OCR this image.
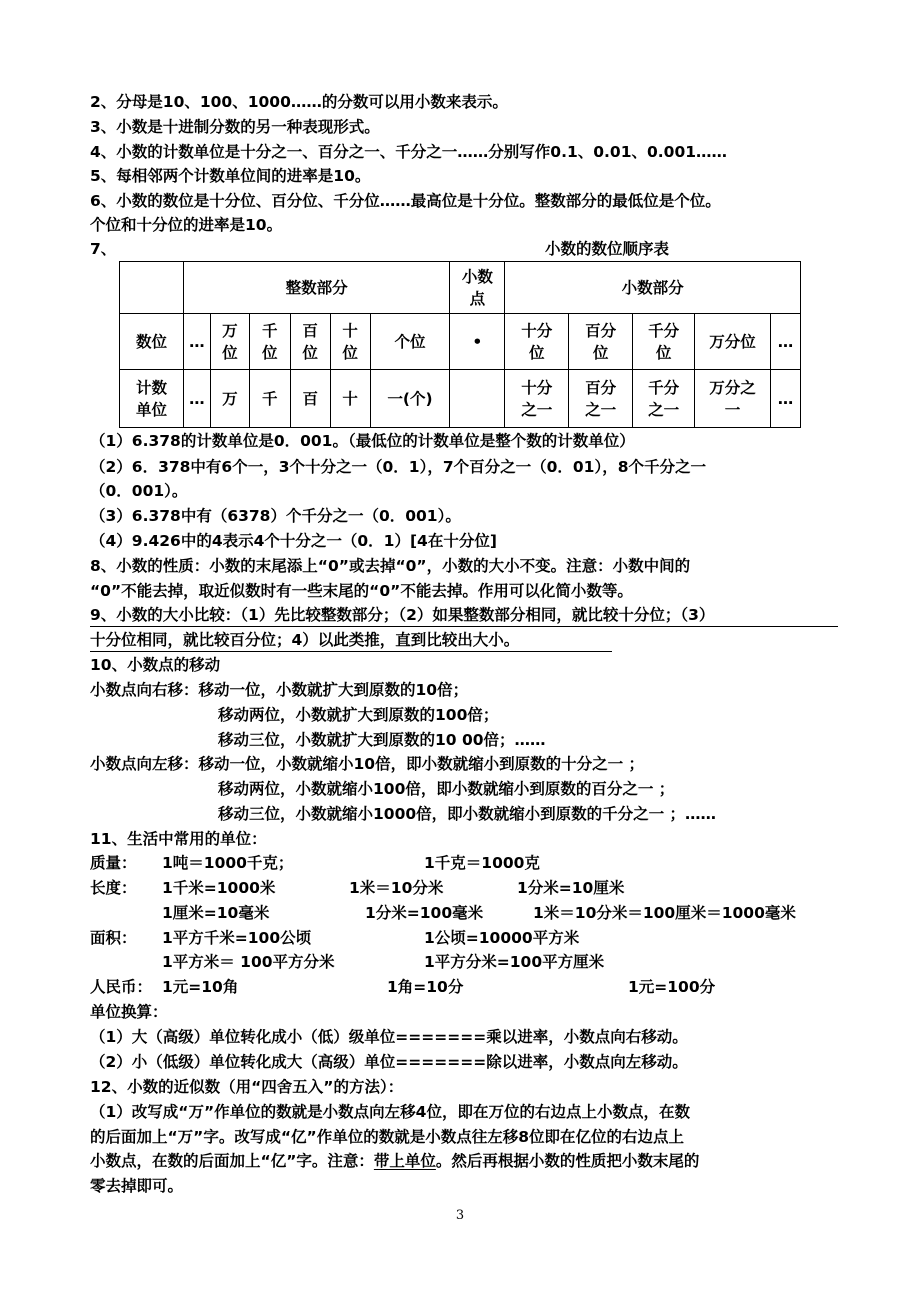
2、分母是10、100、1000……的分数可以用小数来表示。
3、小数是十进制分数的另一种表现形式。
4、小数的计数单位是十分之一、百分之一、千分之一……分别写作0.1、0.01、0.001……
5、每相邻两个计数单位间的进率是10。
6、小数的数位是十分位、百分位、千分位……最高位是十分位。整数部分的最低位是个位。
个位和十分位的进率是10。
7、	小数的数位顺序表
	整数部分						小数点	小数部分				
数位	…	万位	千位	百位	十位	个位	•	十分位	百分位	千分位	万分位	…

计数单位	…	万	千	百	十	一(个)		十分之一	百分之一	千分之一	万分之一	…
（1）6.378的计数单位是0．001。（最低位的计数单位是整个数的计数单位）
（2）6．378中有6个一，3个十分之一（0．1），7个百分之一（0．01），8个千分之一
（0．001）。
（3）6.378中有（6378）个千分之一（0．001）。
（4）9.426中的4表示4个十分之一（0．1）[4在十分位]
8、小数的性质：小数的末尾添上“0”或去掉“0”，小数的大小不变。注意：小数中间的
“0”不能去掉，取近似数时有一些末尾的“0”不能去掉。作用可以化简小数等。
9、小数的大小比较：（1）先比较整数部分；（2）如果整数部分相同，就比较十分位；（3）
十分位相同，就比较百分位；4）以此类推，直到比较出大小。
10、小数点的移动
小数点向右移：移动一位，小数就扩大到原数的10倍；
移动两位，小数就扩大到原数的100倍；
移动三位，小数就扩大到原数的10 00倍；……
小数点向左移：移动一位，小数就缩小10倍，即小数就缩小到原数的十分之一 ；
移动两位，小数就缩小100倍，即小数就缩小到原数的百分之一 ；
移动三位，小数就缩小1000倍，即小数就缩小到原数的千分之一 ；……
11、生活中常用的单位：
质量： 1吨＝1000千克；	1千克＝1000克
长度： 1千米=1000米	1米＝10分米	1分米=10厘米
1厘米=10毫米	1分米=100毫米	1米＝10分米＝100厘米＝1000毫米
面积： 1平方千米=100公顷	1公顷=10000平方米
1平方米＝ 100平方分米	1平方分米=100平方厘米
人民币： 1元=10角	1角=10分	1元=100分
单位换算：
（1）大（高级）单位转化成小（低）级单位=======乘以进率，小数点向右移动。
（2）小（低级）单位转化成大（高级）单位=======除以进率，小数点向左移动。
12、小数的近似数（用“四舍五入”的方法）：
（1）改写成“万”作单位的数就是小数点向左移4位，即在万位的右边点上小数点，在数
的后面加上“万”字。改写成“亿”作单位的数就是小数点往左移8位即在亿位的右边点上
小数点，在数的后面加上“亿”字。注意：带上单位。然后再根据小数的性质把小数末尾的
零去掉即可。
3
